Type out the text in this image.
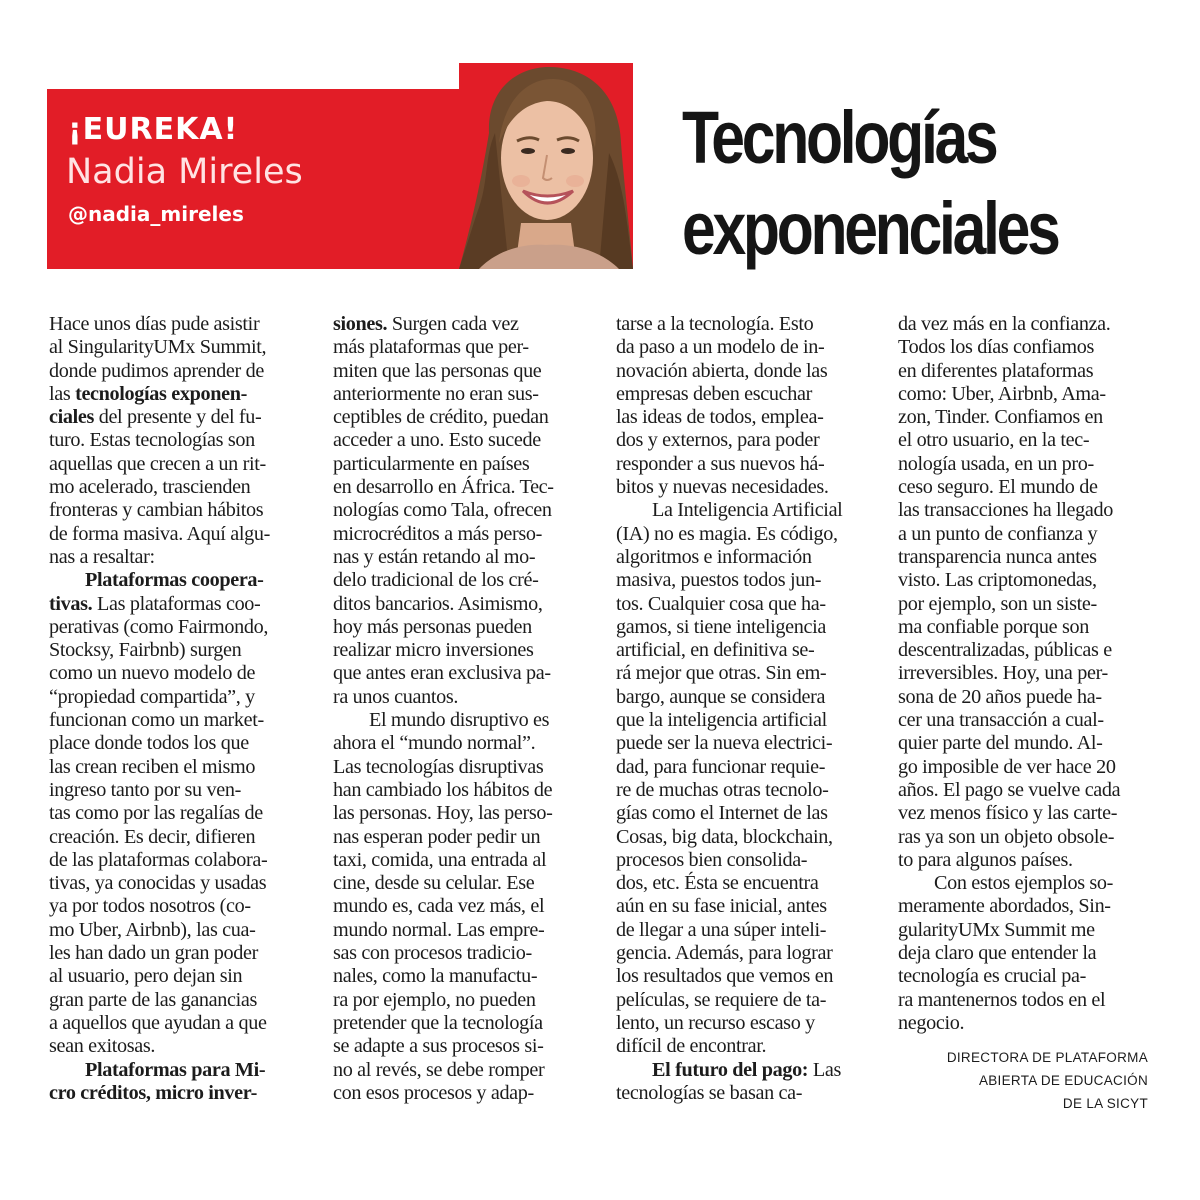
¡EUREKA!
Nadia Mireles
@nadia_mireles
Tecnologías
exponenciales
Hace unos días pude asistir
al SingularityUMx Summit,
donde pudimos aprender de
las tecnologías exponen-
ciales del presente y del fu-
turo. Estas tecnologías son
aquellas que crecen a un rit-
mo acelerado, trascienden
fronteras y cambian hábitos
de forma masiva. Aquí algu-
nas a resaltar:
Plataformas coopera-
tivas. Las plataformas coo-
perativas (como Fairmondo,
Stocksy, Fairbnb) surgen
como un nuevo modelo de
“propiedad compartida”, y
funcionan como un market-
place donde todos los que
las crean reciben el mismo
ingreso tanto por su ven-
tas como por las regalías de
creación. Es decir, difieren
de las plataformas colabora-
tivas, ya conocidas y usadas
ya por todos nosotros (co-
mo Uber, Airbnb), las cua-
les han dado un gran poder
al usuario, pero dejan sin
gran parte de las ganancias
a aquellos que ayudan a que
sean exitosas.
Plataformas para Mi-
cro créditos, micro inver-
siones. Surgen cada vez
más plataformas que per-
miten que las personas que
anteriormente no eran sus-
ceptibles de crédito, puedan
acceder a uno. Esto sucede
particularmente en países
en desarrollo en África. Tec-
nologías como Tala, ofrecen
microcréditos a más perso-
nas y están retando al mo-
delo tradicional de los cré-
ditos bancarios. Asimismo,
hoy más personas pueden
realizar micro inversiones
que antes eran exclusiva pa-
ra unos cuantos.
El mundo disruptivo es
ahora el “mundo normal”.
Las tecnologías disruptivas
han cambiado los hábitos de
las personas. Hoy, las perso-
nas esperan poder pedir un
taxi, comida, una entrada al
cine, desde su celular. Ese
mundo es, cada vez más, el
mundo normal. Las empre-
sas con procesos tradicio-
nales, como la manufactu-
ra por ejemplo, no pueden
pretender que la tecnología
se adapte a sus procesos si-
no al revés, se debe romper
con esos procesos y adap-
tarse a la tecnología. Esto
da paso a un modelo de in-
novación abierta, donde las
empresas deben escuchar
las ideas de todos, emplea-
dos y externos, para poder
responder a sus nuevos há-
bitos y nuevas necesidades.
La Inteligencia Artificial
(IA) no es magia. Es código,
algoritmos e información
masiva, puestos todos jun-
tos. Cualquier cosa que ha-
gamos, si tiene inteligencia
artificial, en definitiva se-
rá mejor que otras. Sin em-
bargo, aunque se considera
que la inteligencia artificial
puede ser la nueva electrici-
dad, para funcionar requie-
re de muchas otras tecnolo-
gías como el Internet de las
Cosas, big data, blockchain,
procesos bien consolida-
dos, etc. Ésta se encuentra
aún en su fase inicial, antes
de llegar a una súper inteli-
gencia. Además, para lograr
los resultados que vemos en
películas, se requiere de ta-
lento, un recurso escaso y
difícil de encontrar.
El futuro del pago: Las
tecnologías se basan ca-
da vez más en la confianza.
Todos los días confiamos
en diferentes plataformas
como: Uber, Airbnb, Ama-
zon, Tinder. Confiamos en
el otro usuario, en la tec-
nología usada, en un pro-
ceso seguro. El mundo de
las transacciones ha llegado
a un punto de confianza y
transparencia nunca antes
visto. Las criptomonedas,
por ejemplo, son un siste-
ma confiable porque son
descentralizadas, públicas e
irreversibles. Hoy, una per-
sona de 20 años puede ha-
cer una transacción a cual-
quier parte del mundo. Al-
go imposible de ver hace 20
años. El pago se vuelve cada
vez menos físico y las carte-
ras ya son un objeto obsole-
to para algunos países.
Con estos ejemplos so-
meramente abordados, Sin-
gularityUMx Summit me
deja claro que entender la
tecnología es crucial pa-
ra mantenernos todos en el
negocio.
DIRECTORA DE PLATAFORMA
ABIERTA DE EDUCACIÓN
DE LA SICYT
